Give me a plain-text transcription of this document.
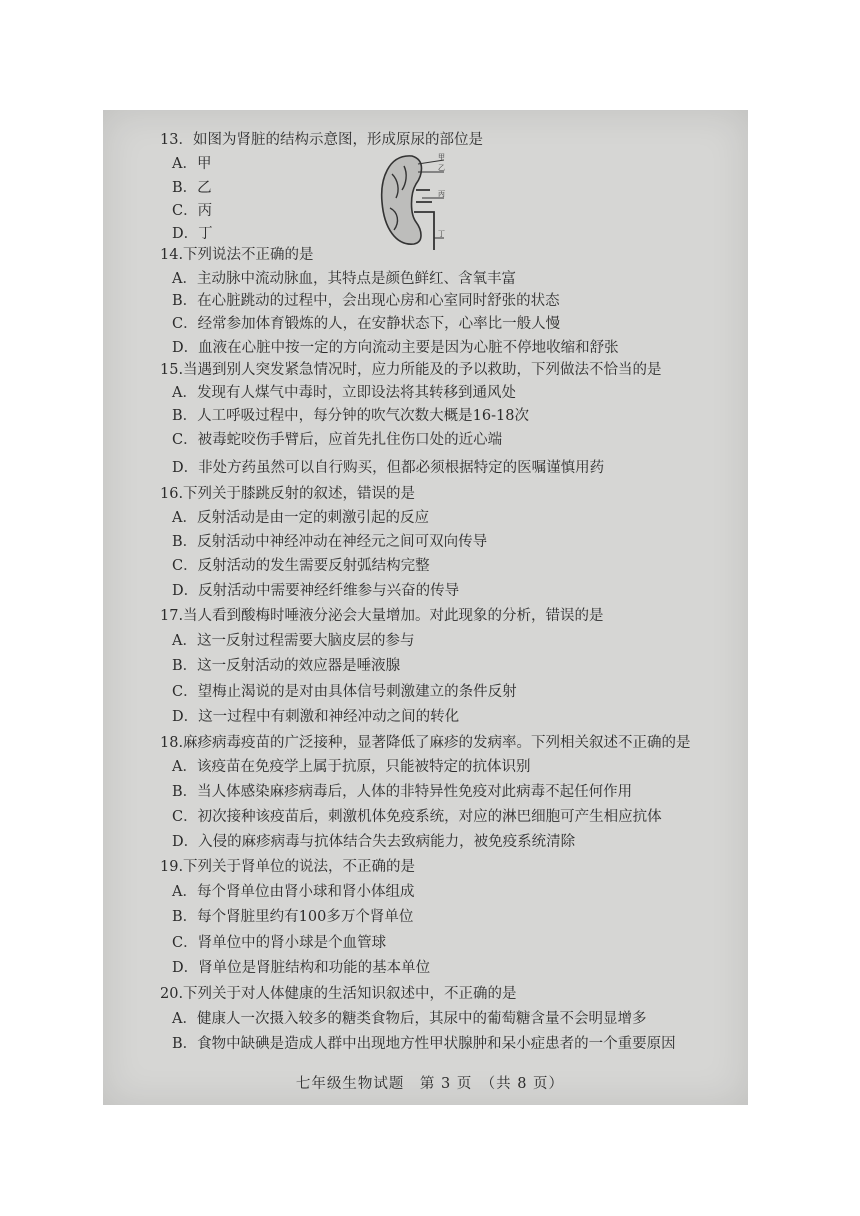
甲
乙
丙
丁
13．如图为肾脏的结构示意图，形成原尿的部位是
A．甲
B．乙
C．丙
D．丁
14.下列说法不正确的是
A．主动脉中流动脉血，其特点是颜色鲜红、含氧丰富
B．在心脏跳动的过程中，会出现心房和心室同时舒张的状态
C．经常参加体育锻炼的人，在安静状态下，心率比一般人慢
D．血液在心脏中按一定的方向流动主要是因为心脏不停地收缩和舒张
15.当遇到别人突发紧急情况时，应力所能及的予以救助，下列做法不恰当的是
A．发现有人煤气中毒时，立即设法将其转移到通风处
B．人工呼吸过程中，每分钟的吹气次数大概是16-18次
C．被毒蛇咬伤手臂后，应首先扎住伤口处的近心端
D．非处方药虽然可以自行购买，但都必须根据特定的医嘱谨慎用药
16.下列关于膝跳反射的叙述，错误的是
A．反射活动是由一定的刺激引起的反应
B．反射活动中神经冲动在神经元之间可双向传导
C．反射活动的发生需要反射弧结构完整
D．反射活动中需要神经纤维参与兴奋的传导
17.当人看到酸梅时唾液分泌会大量增加。对此现象的分析，错误的是
A．这一反射过程需要大脑皮层的参与
B．这一反射活动的效应器是唾液腺
C．望梅止渴说的是对由具体信号刺激建立的条件反射
D．这一过程中有刺激和神经冲动之间的转化
18.麻疹病毒疫苗的广泛接种，显著降低了麻疹的发病率。下列相关叙述不正确的是
A．该疫苗在免疫学上属于抗原，只能被特定的抗体识别
B．当人体感染麻疹病毒后，人体的非特异性免疫对此病毒不起任何作用
C．初次接种该疫苗后，刺激机体免疫系统，对应的淋巴细胞可产生相应抗体
D．入侵的麻疹病毒与抗体结合失去致病能力，被免疫系统清除
19.下列关于肾单位的说法，不正确的是
A．每个肾单位由肾小球和肾小体组成
B．每个肾脏里约有100多万个肾单位
C．肾单位中的肾小球是个血管球
D．肾单位是肾脏结构和功能的基本单位
20.下列关于对人体健康的生活知识叙述中，不正确的是
A．健康人一次摄入较多的糖类食物后，其尿中的葡萄糖含量不会明显增多
B．食物中缺碘是造成人群中出现地方性甲状腺肿和呆小症患者的一个重要原因
七年级生物试题　第 3 页　（共 8 页）
